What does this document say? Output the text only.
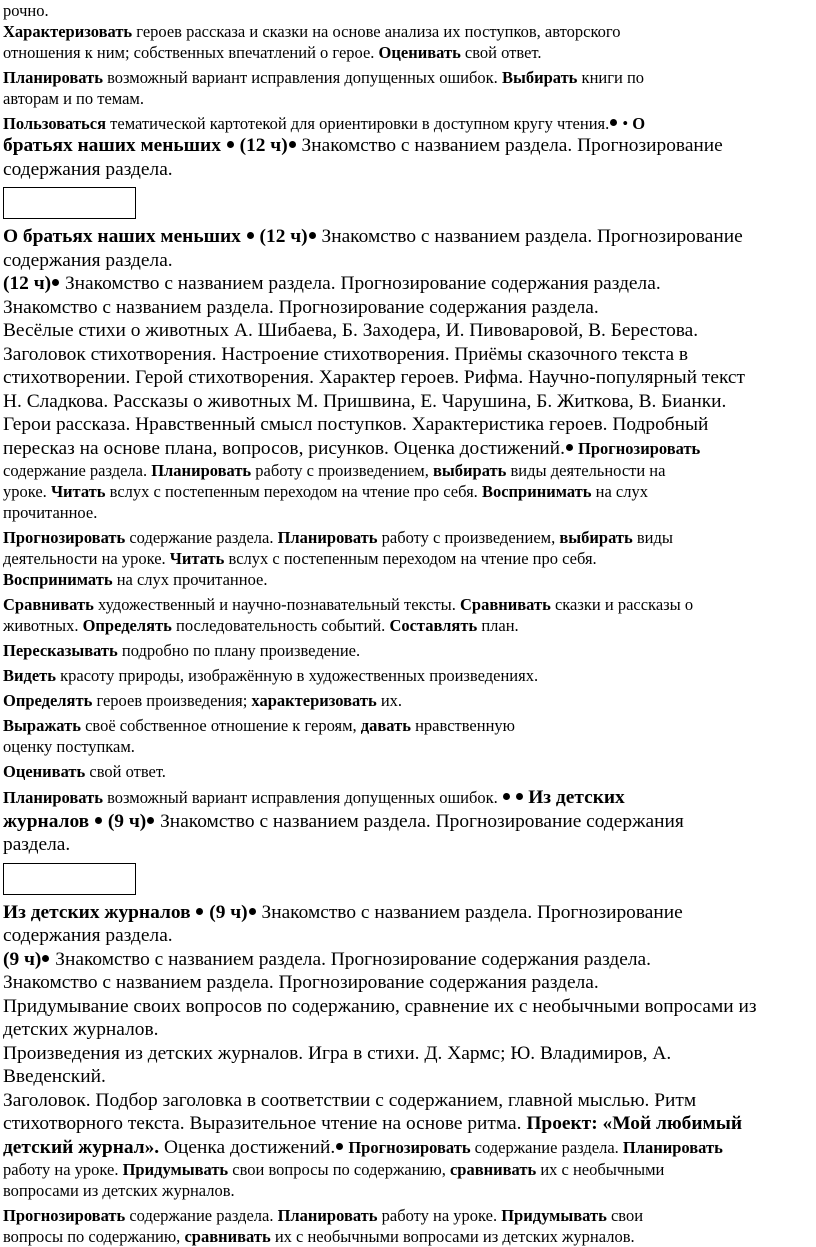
рочно.
Характеризовать героев рассказа и сказки на основе анализа их поступков, авторского
отношения к ним; собственных впечатлений о герое. Оценивать свой ответ.
Планировать возможный вариант исправления допущенных ошибок. Выбирать книги по
авторам и по темам.
Пользоваться тематической картотекой для ориентировки в доступном кругу чтения. • О
братьях наших меньших  (12 ч) Знакомство с названием раздела. Прогнозирование
содержания раздела.
О братьях наших меньших  (12 ч) Знакомство с названием раздела. Прогнозирование
содержания раздела.
(12 ч) Знакомство с названием раздела. Прогнозирование содержания раздела.
Знакомство с названием раздела. Прогнозирование содержания раздела.
Весёлые стихи о животных А. Шибаева, Б. Заходера, И. Пивоваровой, В. Берестова.
Заголовок стихотворения. Настроение стихотворения. Приёмы сказочного текста в
стихотворении. Герой стихотворения. Характер героев. Рифма. Научно-популярный текст
Н. Сладкова. Рассказы о животных М. Пришвина, Е. Чарушина, Б. Житкова, В. Бианки.
Герои рассказа. Нравственный смысл поступков. Характеристика героев. Подробный
пересказ на основе плана, вопросов, рисунков. Оценка достижений. Прогнозировать
содержание раздела. Планировать работу с произведением, выбирать виды деятельности на
уроке. Читать вслух с постепенным переходом на чтение про себя. Воспринимать на слух
прочитанное.
Прогнозировать содержание раздела. Планировать работу с произведением, выбирать виды
деятельности на уроке. Читать вслух с постепенным переходом на чтение про себя.
Воспринимать на слух прочитанное.
Сравнивать художественный и научно-познавательный тексты. Сравнивать сказки и рассказы о
животных. Определять последовательность событий. Составлять план.
Пересказывать подробно по плану произведение.
Видеть красоту природы, изображённую в художественных произведениях.
Определять героев произведения; характеризовать их.
Выражать своё собственное отношение к героям, давать нравственную
оценку поступкам.
Оценивать свой ответ.
Планировать возможный вариант исправления допущенных ошибок.   Из детских
журналов  (9 ч) Знакомство с названием раздела. Прогнозирование содержания
раздела.
Из детских журналов  (9 ч) Знакомство с названием раздела. Прогнозирование
содержания раздела.
(9 ч) Знакомство с названием раздела. Прогнозирование содержания раздела.
Знакомство с названием раздела. Прогнозирование содержания раздела.
Придумывание своих вопросов по содержанию, сравнение их с необычными вопросами из
детских журналов.
Произведения из детских журналов. Игра в стихи. Д. Хармс; Ю. Владимиров, А.
Введенский.
Заголовок. Подбор заголовка в соответствии с содержанием, главной мыслью. Ритм
стихотворного текста. Выразительное чтение на основе ритма. Проект: «Мой любимый
детский журнал». Оценка достижений. Прогнозировать содержание раздела. Планировать
работу на уроке. Придумывать свои вопросы по содержанию, сравнивать их с необычными
вопросами из детских журналов.
Прогнозировать содержание раздела. Планировать работу на уроке. Придумывать свои
вопросы по содержанию, сравнивать их с необычными вопросами из детских журналов.
